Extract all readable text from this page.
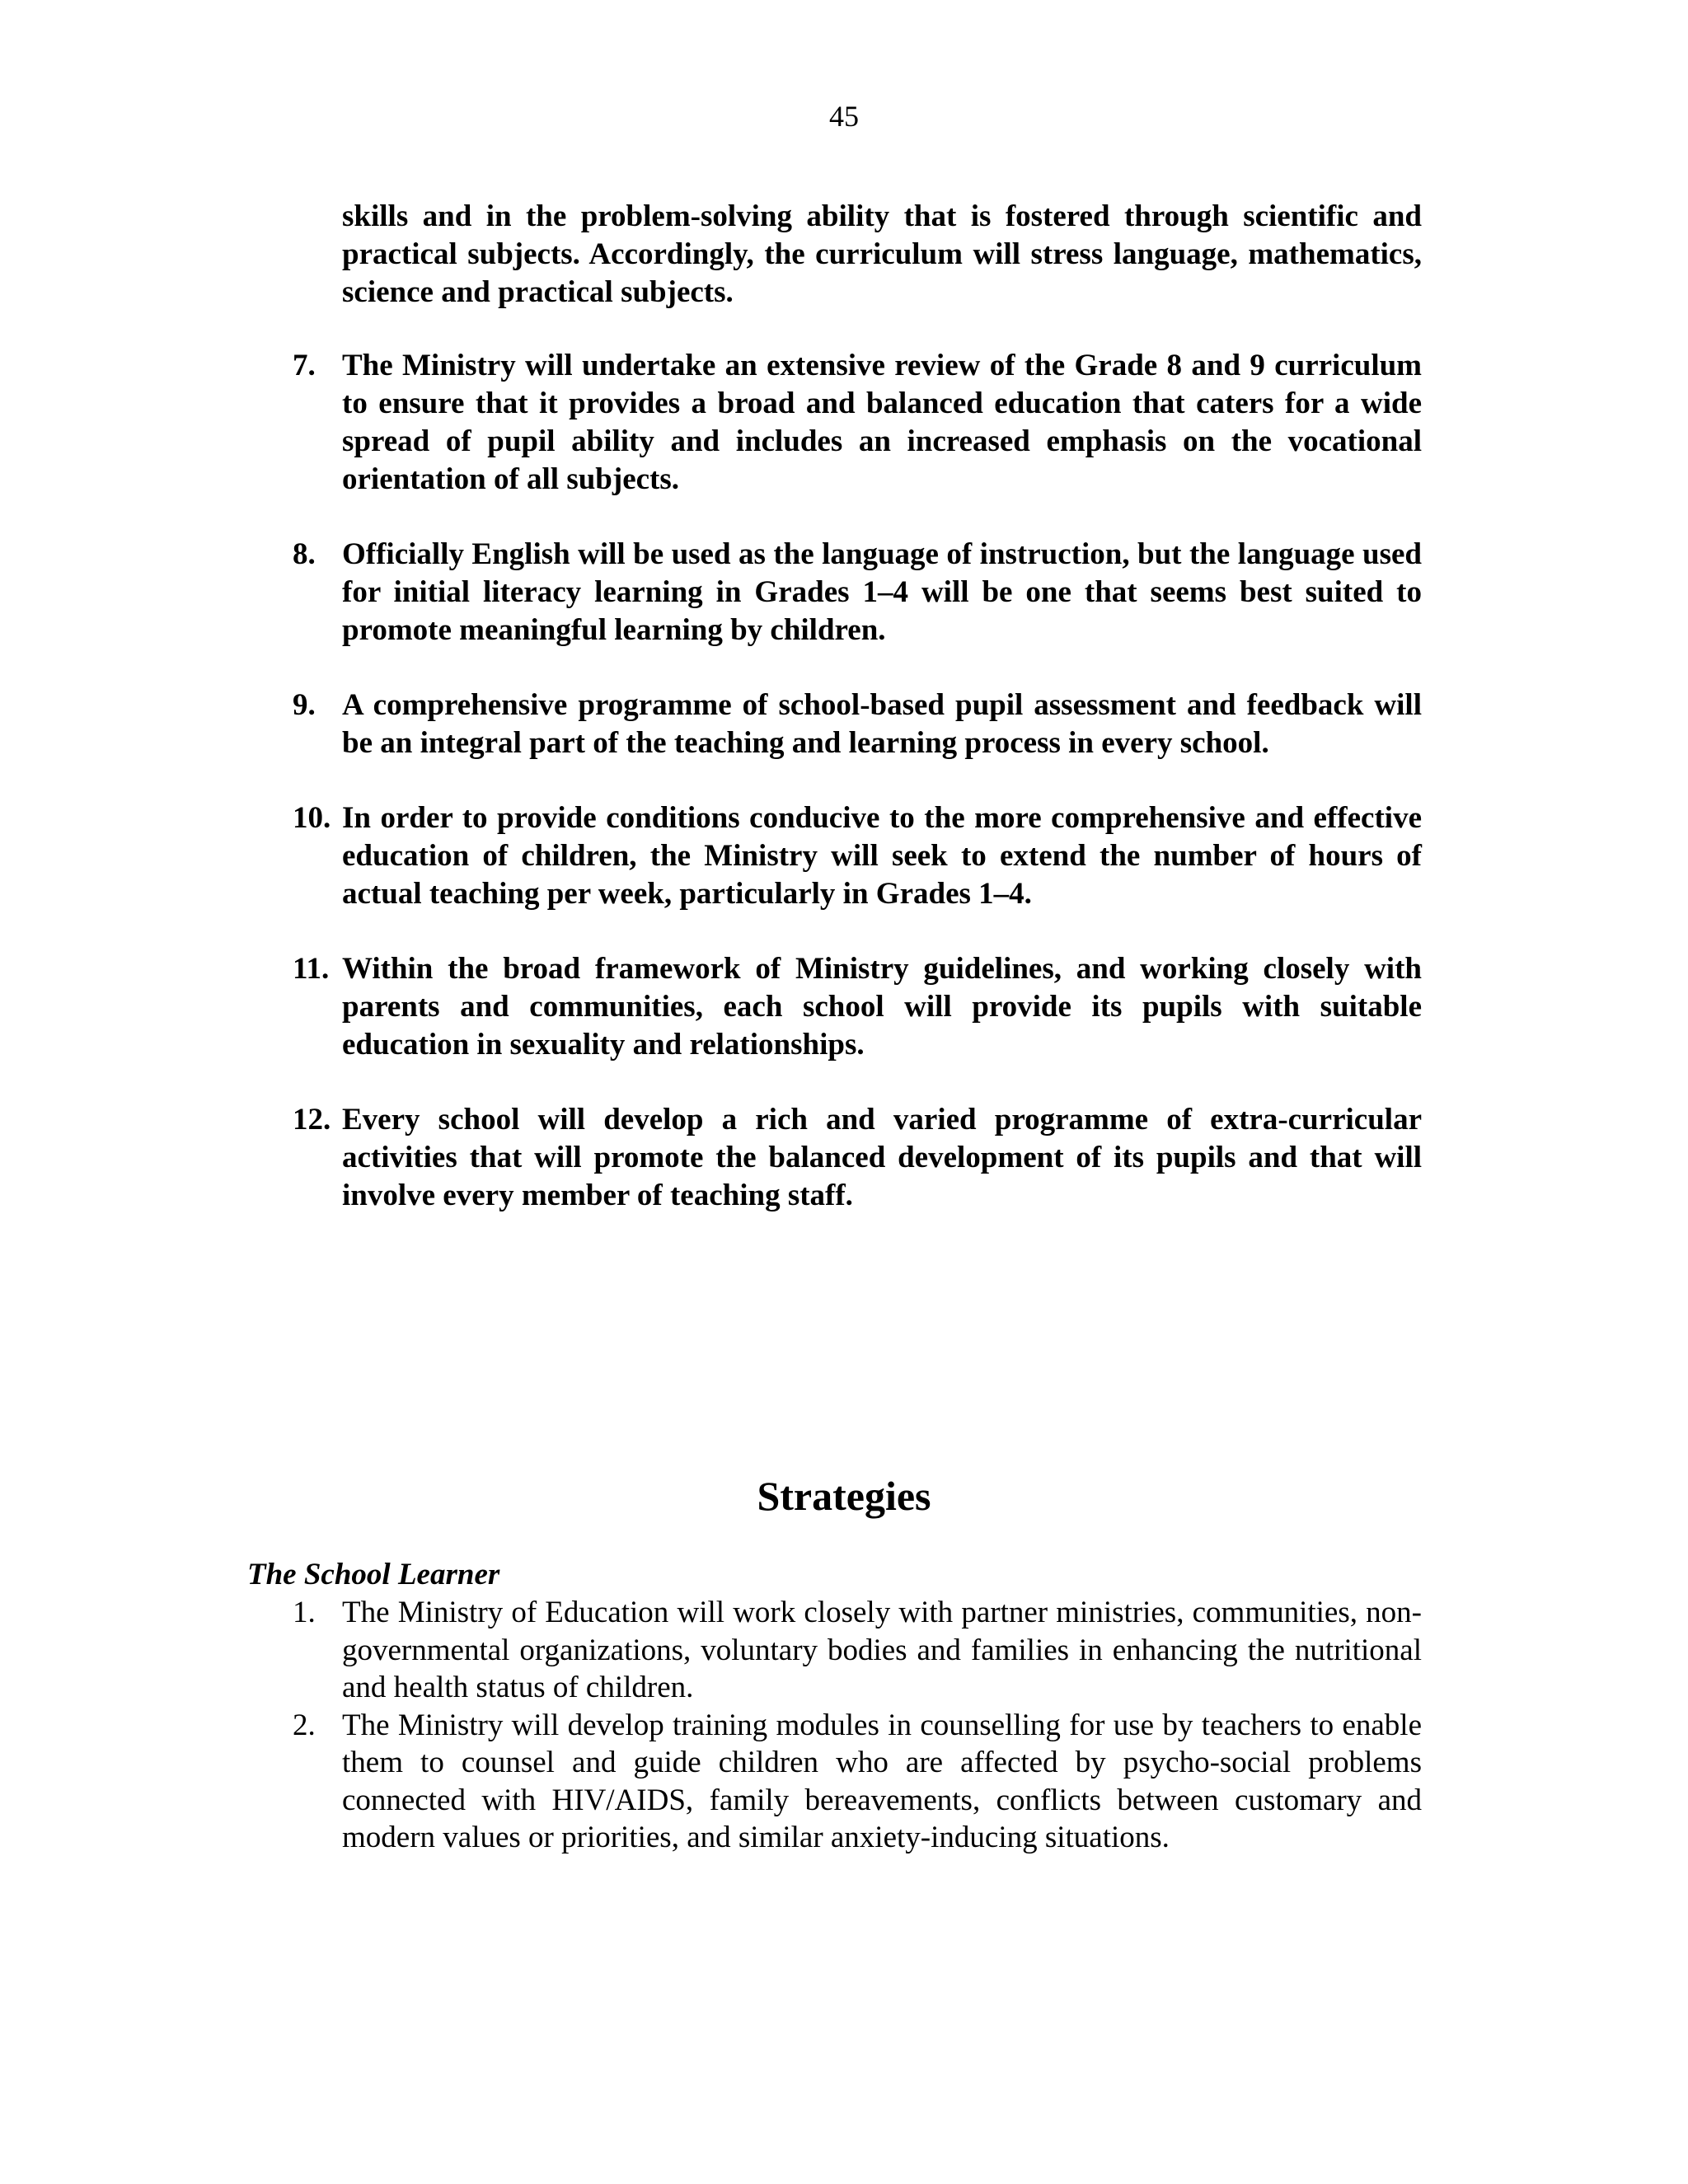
45

skills and in the problem-solving ability that is fostered through scientific and practical subjects. Accordingly, the curriculum will stress language, mathematics, science and practical subjects.

7. The Ministry will undertake an extensive review of the Grade 8 and 9 curriculum to ensure that it provides a broad and balanced education that caters for a wide spread of pupil ability and includes an increased emphasis on the vocational orientation of all subjects.
8. Officially English will be used as the language of instruction, but the language used for initial literacy learning in Grades 1–4 will be one that seems best suited to promote meaningful learning by children.
9. A comprehensive programme of school-based pupil assessment and feedback will be an integral part of the teaching and learning process in every school.
10. In order to provide conditions conducive to the more comprehensive and effective education of children, the Ministry will seek to extend the number of hours of actual teaching per week, particularly in Grades 1–4.
11. Within the broad framework of Ministry guidelines, and working closely with parents and communities, each school will provide its pupils with suitable education in sexuality and relationships.
12. Every school will develop a rich and varied programme of extra-curricular activities that will promote the balanced development of its pupils and that will involve every member of teaching staff.
Strategies
The School Learner
1. The Ministry of Education will work closely with partner ministries, communities, non-governmental organizations, voluntary bodies and families in enhancing the nutritional and health status of children.
2. The Ministry will develop training modules in counselling for use by teachers to enable them to counsel and guide children who are affected by psycho-social problems connected with HIV/AIDS, family bereavements, conflicts between customary and modern values or priorities, and similar anxiety-inducing situations.
